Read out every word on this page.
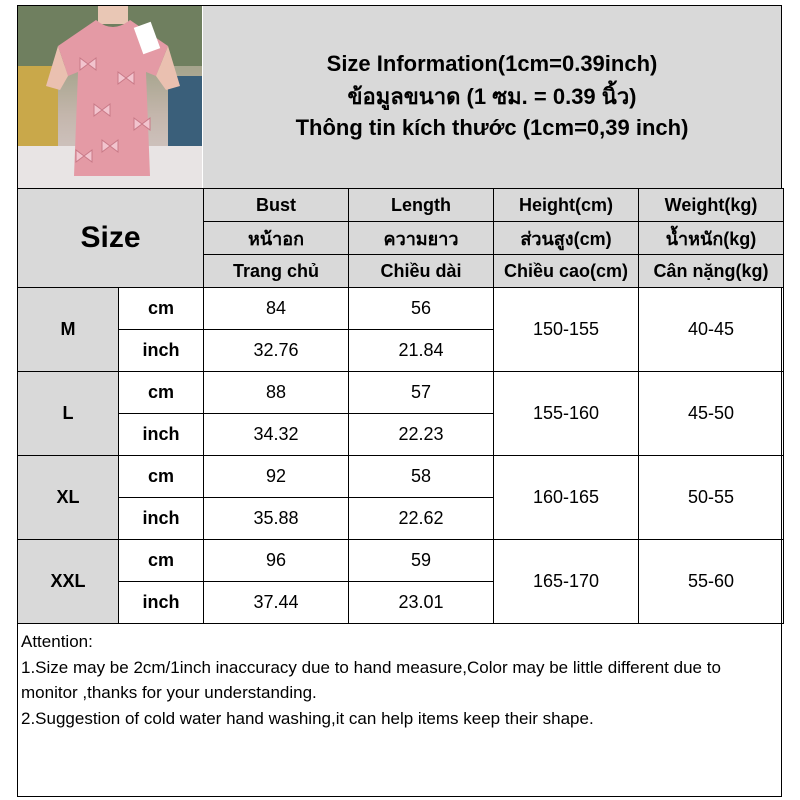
Size Information(1cm=0.39inch)
ข้อมูลขนาด (1 ซม. = 0.39 นิ้ว)
Thông tin kích thước (1cm=0,39 inch)
Size		Bust	Length	Height(cm)	Weight(kg)
		หน้าอก	ความยาว	ส่วนสูง(cm)	น้ำหนัก(kg)
		Trang chủ	Chiều dài	Chiều cao(cm)	Cân nặng(kg)
M	cm	84	56	150-155	40-45
	inch	32.76	21.84		
L	cm	88	57	155-160	45-50
	inch	34.32	22.23		
XL	cm	92	58	160-165	50-55
	inch	35.88	22.62		
XXL	cm	96	59	165-170	55-60
	inch	37.44	23.01		
Attention:
1.Size may be 2cm/1inch inaccuracy due to hand measure,Color may be little different due to monitor ,thanks for your understanding.
2.Suggestion of cold water hand washing,it can help items keep their shape.
